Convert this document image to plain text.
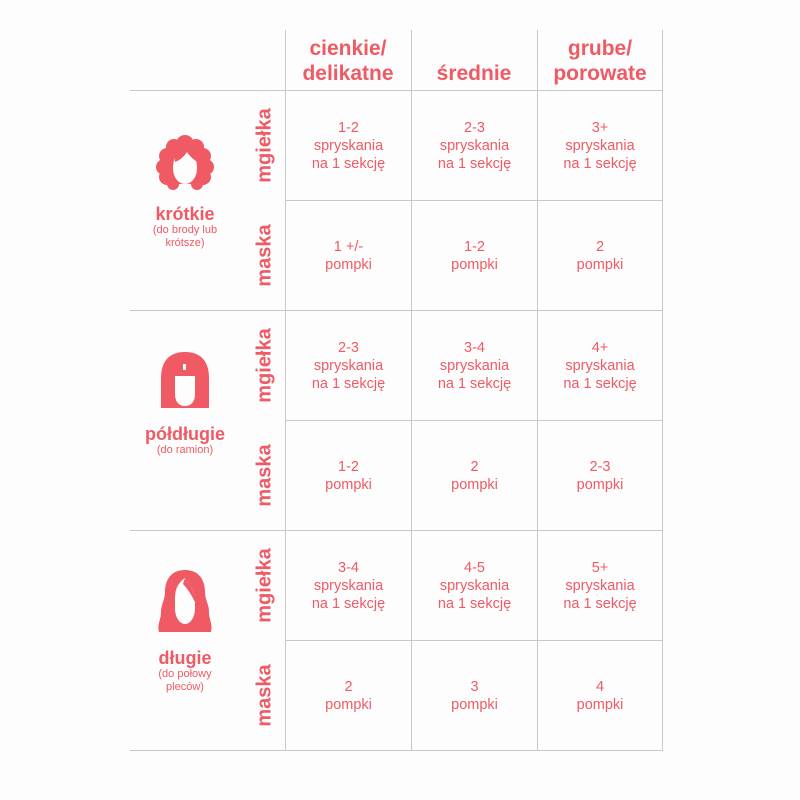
cienkie/
delikatne	średnie
grube/
porowate
krótkie
(do brody lub
krótsze)
mgiełka
maska
1-2
spryskania
na 1 sekcję
2-3
spryskania
na 1 sekcję
3+
spryskania
na 1 sekcję
1 +/-
pompki
1-2
pompki
2
pompki
półdługie
(do ramion)
mgiełka
maska
2-3
spryskania
na 1 sekcję
3-4
spryskania
na 1 sekcję
4+
spryskania
na 1 sekcję
1-2
pompki
2
pompki
2-3
pompki
długie
(do połowy
pleców)
mgiełka
maska
3-4
spryskania
na 1 sekcję
4-5
spryskania
na 1 sekcję
5+
spryskania
na 1 sekcję
2
pompki
3
pompki
4
pompki
